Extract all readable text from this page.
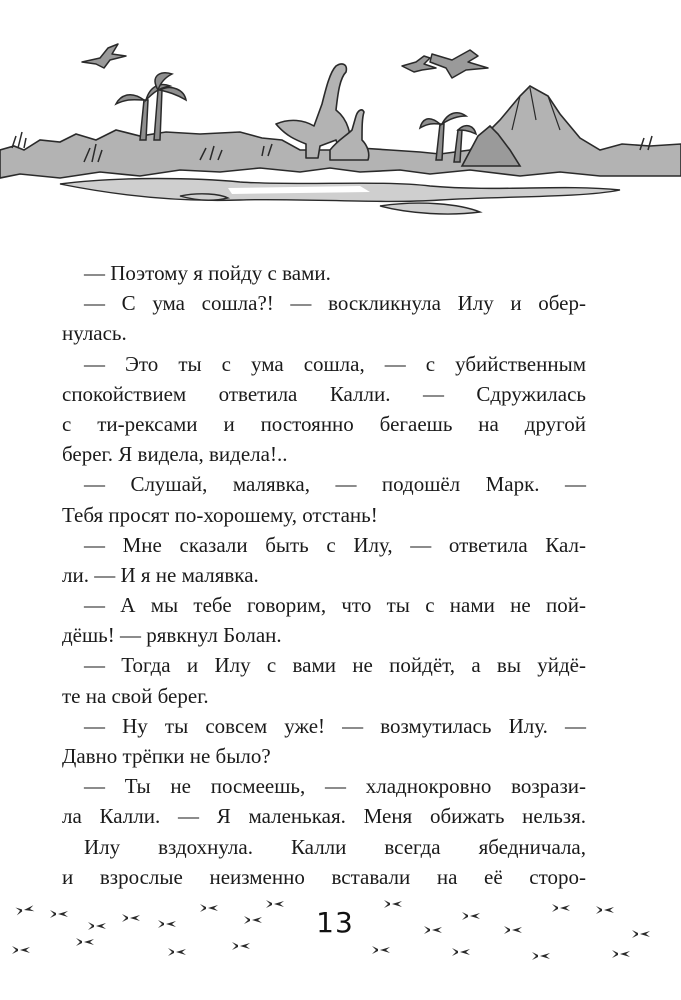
— Поэтому я пойду с вами.
— С ума сошла?! — воскликнула Илу и обер-
нулась.
— Это ты с ума сошла, — с убийственным
спокойствием ответила Калли. — Сдружилась
с ти-рексами и постоянно бегаешь на другой
берег. Я видела, видела!..
— Слушай, малявка, — подошёл Марк. —
Тебя просят по-хорошему, отстань!
— Мне сказали быть с Илу, — ответила Кал-
ли. — И я не малявка.
— А мы тебе говорим, что ты с нами не пой-
дёшь! — рявкнул Болан.
— Тогда и Илу с вами не пойдёт, а вы уйдё-
те на свой берег.
— Ну ты совсем уже! — возмутилась Илу. —
Давно трёпки не было?
— Ты не посмеешь, — хладнокровно возрази-
ла Калли. — Я маленькая. Меня обижать нельзя.
Илу вздохнула. Калли всегда ябедничала,
и взрослые неизменно вставали на её сторо-
13
